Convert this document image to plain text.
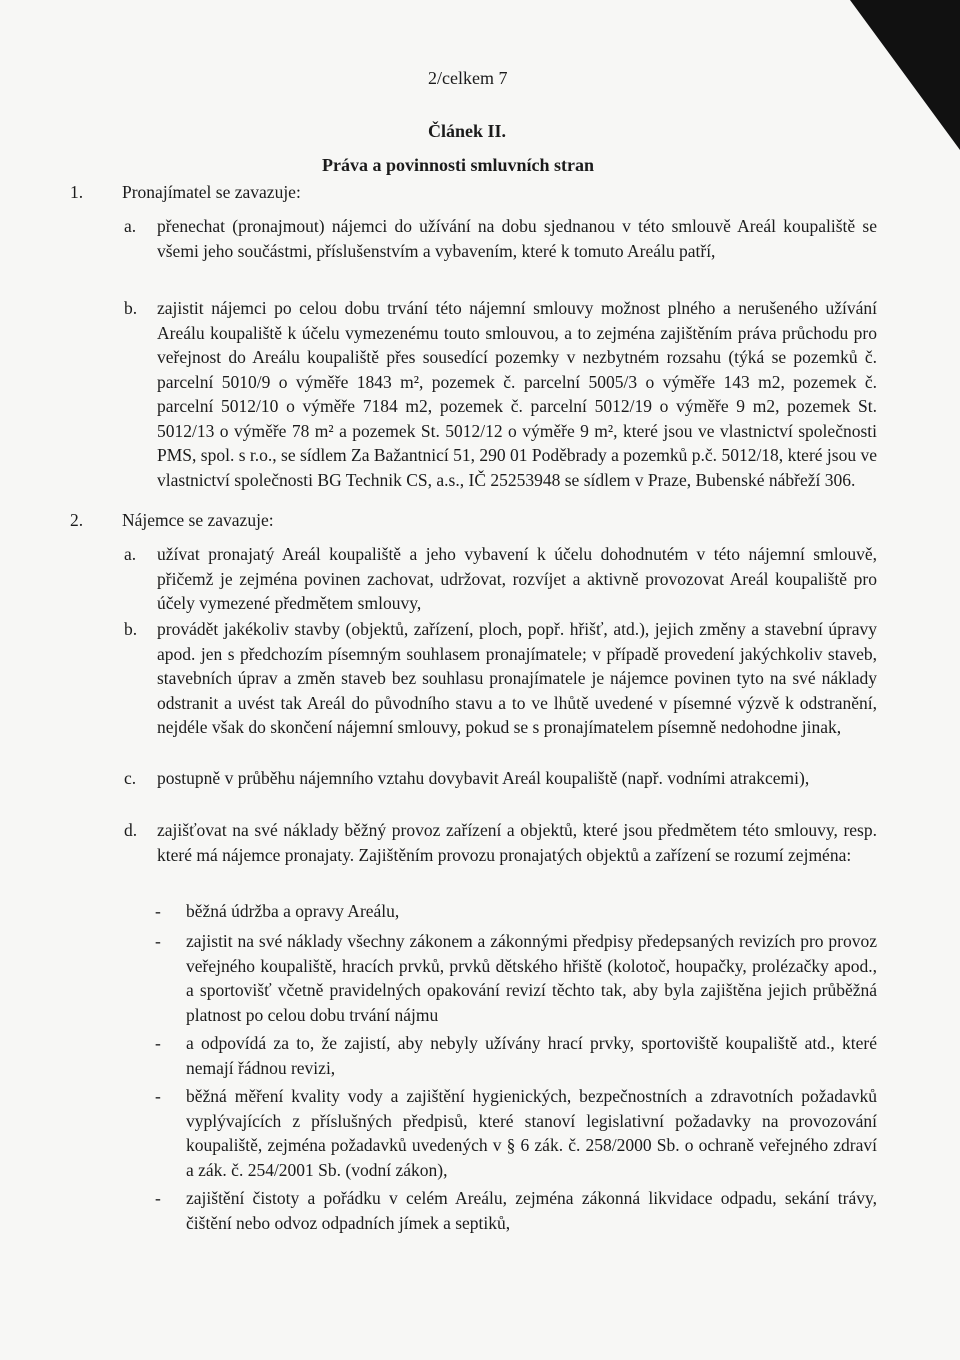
2/celkem 7
Článek II.
Práva a povinnosti smluvních stran
1. Pronajímatel se zavazuje:
a. přenechat (pronajmout) nájemci do užívání na dobu sjednanou v této smlouvě Areál koupaliště se všemi jeho součástmi, příslušenstvím a vybavením, které k tomuto Areálu patří,
b. zajistit nájemci po celou dobu trvání této nájemní smlouvy možnost plného a nerušeného užívání Areálu koupaliště k účelu vymezenému touto smlouvou, a to zejména zajištěním práva průchodu pro veřejnost do Areálu koupaliště přes sousedící pozemky v nezbytném rozsahu (týká se pozemků č. parcelní 5010/9 o výměře 1843 m², pozemek č. parcelní 5005/3 o výměře 143 m2, pozemek č. parcelní 5012/10 o výměře 7184 m2, pozemek č. parcelní 5012/19 o výměře 9 m2, pozemek St. 5012/13 o výměře 78 m² a pozemek St. 5012/12 o výměře 9 m², které jsou ve vlastnictví společnosti PMS, spol. s r.o., se sídlem Za Bažantnicí 51, 290 01 Poděbrady a pozemků p.č. 5012/18, které jsou ve vlastnictví společnosti BG Technik CS, a.s., IČ 25253948 se sídlem v Praze, Bubenské nábřeží 306.
2. Nájemce se zavazuje:
a. užívat pronajatý Areál koupaliště a jeho vybavení k účelu dohodnutém v této nájemní smlouvě, přičemž je zejména povinen zachovat, udržovat, rozvíjet a aktivně provozovat Areál koupaliště pro účely vymezené předmětem smlouvy,
b. provádět jakékoliv stavby (objektů, zařízení, ploch, popř. hřišť, atd.), jejich změny a stavební úpravy apod. jen s předchozím písemným souhlasem pronajímatele; v případě provedení jakýchkoliv staveb, stavebních úprav a změn staveb bez souhlasu pronajímatele je nájemce povinen tyto na své náklady odstranit a uvést tak Areál do původního stavu a to ve lhůtě uvedené v písemné výzvě k odstranění, nejdéle však do skončení nájemní smlouvy, pokud se s pronajímatelem písemně nedohodne jinak,
c. postupně v průběhu nájemního vztahu dovybavit Areál koupaliště (např. vodními atrakcemi),
d. zajišťovat na své náklady běžný provoz zařízení a objektů, které jsou předmětem této smlouvy, resp. které má nájemce pronajaty. Zajištěním provozu pronajatých objektů a zařízení se rozumí zejména:
- běžná údržba a opravy Areálu,
- zajistit na své náklady všechny zákonem a zákonnými předpisy předepsaných revizích pro provoz veřejného koupaliště, hracích prvků, prvků dětského hřiště (kolotoč, houpačky, prolézačky apod., a sportovišť včetně pravidelných opakování revizí těchto tak, aby byla zajištěna jejich průběžná platnost po celou dobu trvání nájmu
- a odpovídá za to, že zajistí, aby nebyly užívány hrací prvky, sportoviště koupaliště atd., které nemají řádnou revizi,
- běžná měření kvality vody a zajištění hygienických, bezpečnostních a zdravotních požadavků vyplývajících z příslušných předpisů, které stanoví legislativní požadavky na provozování koupaliště, zejména požadavků uvedených v § 6 zák. č. 258/2000 Sb. o ochraně veřejného zdraví a zák. č. 254/2001 Sb. (vodní zákon),
- zajištění čistoty a pořádku v celém Areálu, zejména zákonná likvidace odpadu, sekání trávy, čištění nebo odvoz odpadních jímek a septiků,
